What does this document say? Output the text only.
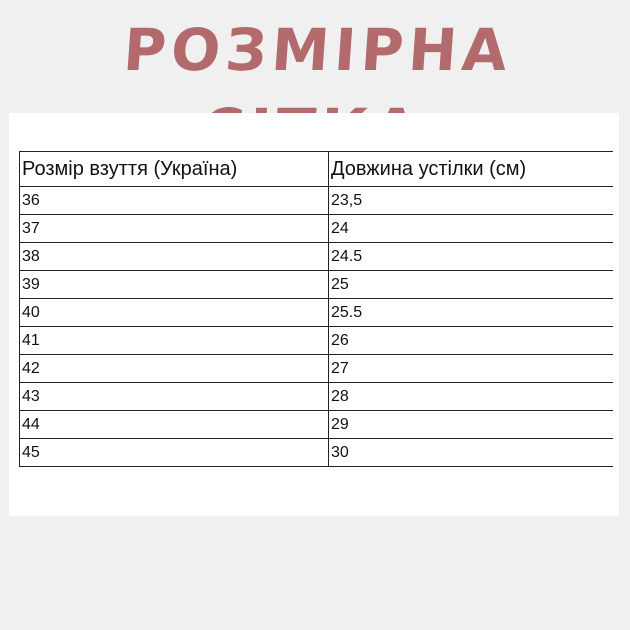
РОЗМІРНА
Розмір взуття (Україна)	Довжина устілки (см)
36	23,5
37	24
38	24.5
39	25
40	25.5
41	26
42	27
43	28
44	29
45	30
